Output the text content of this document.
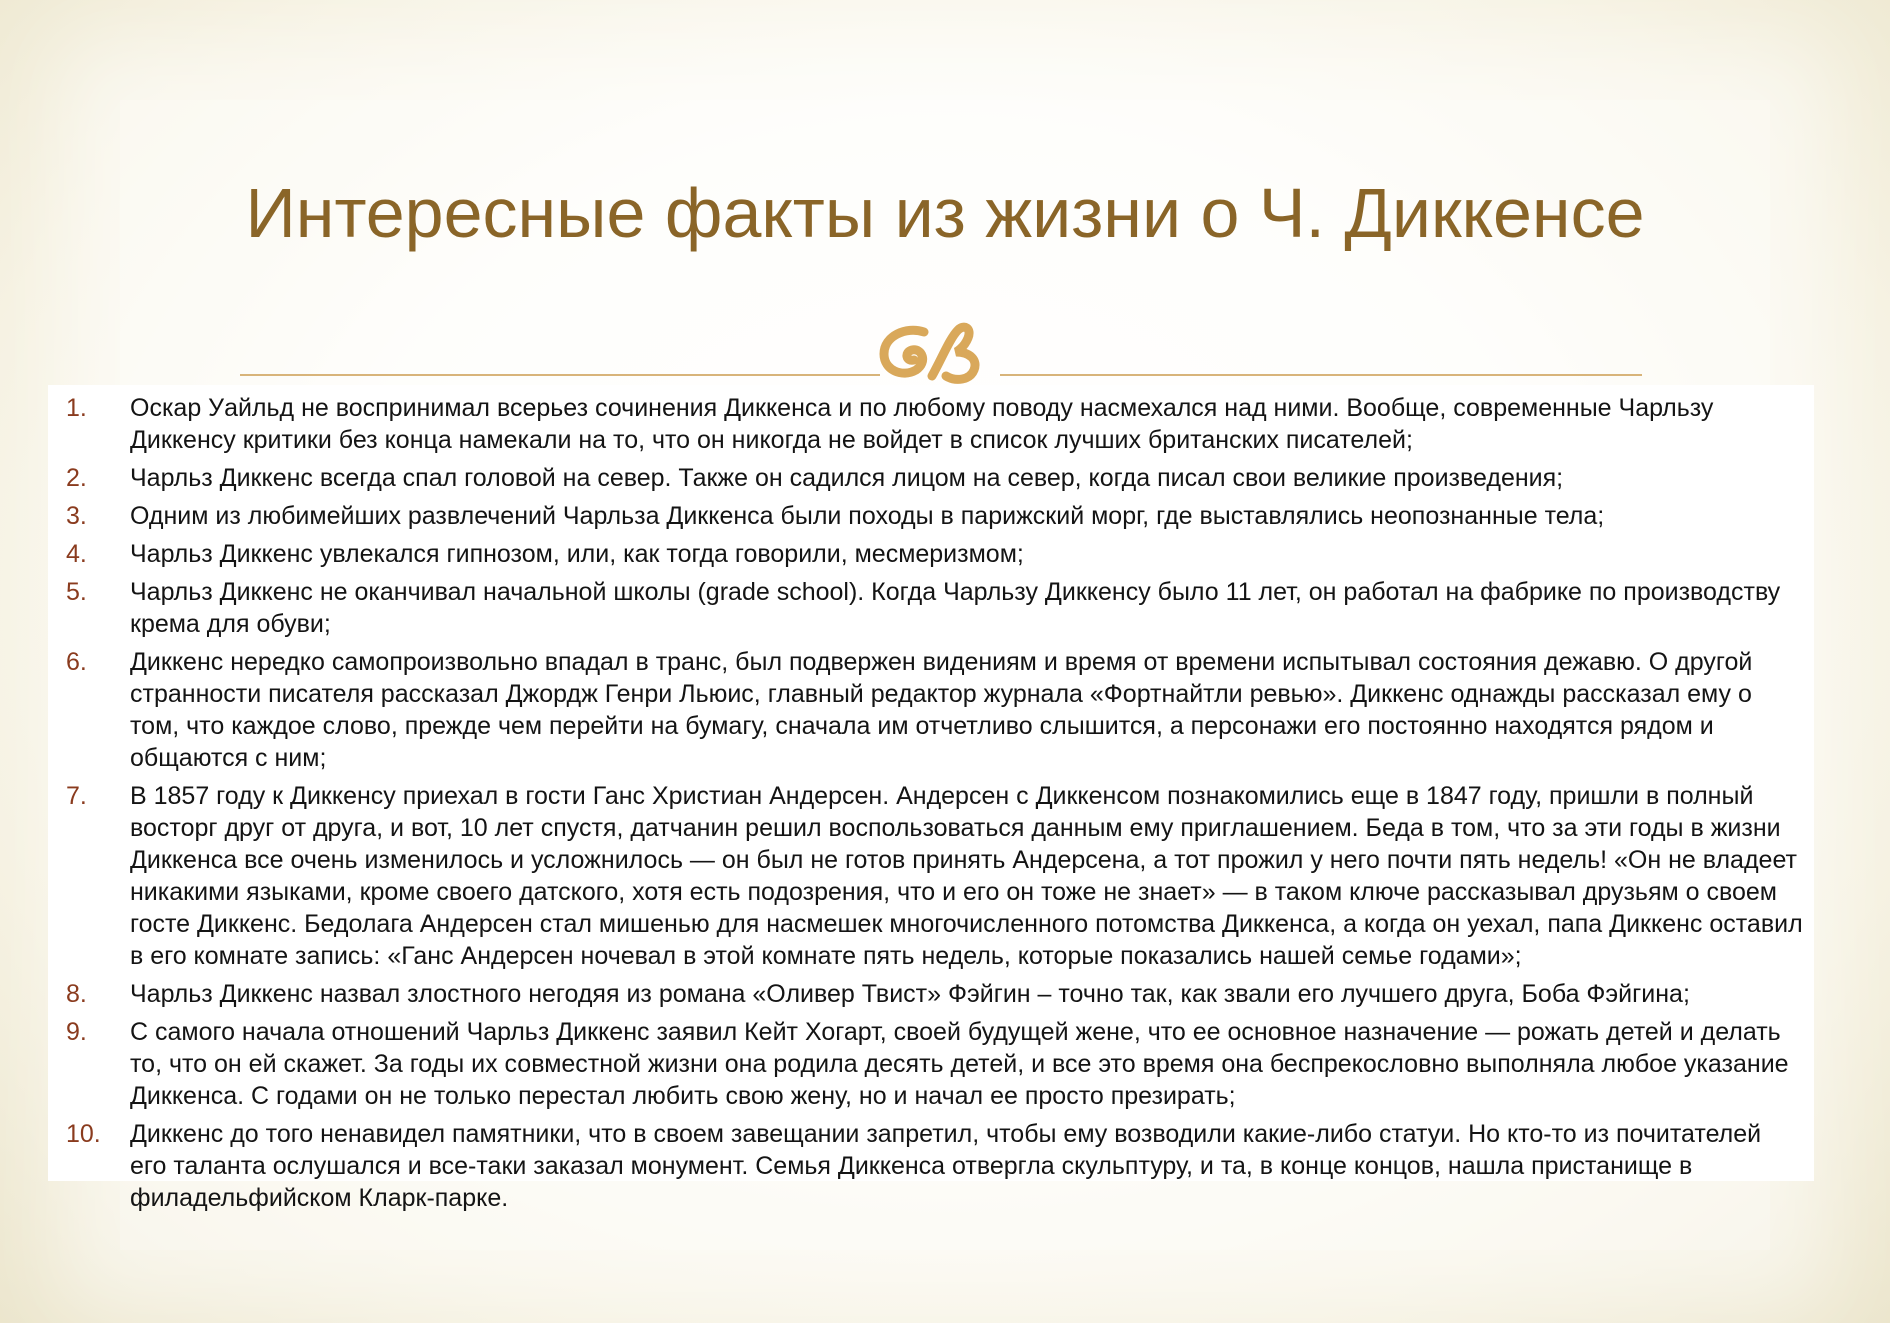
Интересные факты из жизни о Ч. Диккенсе
1. Оскар Уайльд не воспринимал всерьез сочинения Диккенса и по любому поводу насмехался над ними. Вообще, современные Чарльзу Диккенсу критики без конца намекали на то, что он никогда не войдет в список лучших британских писателей;
2. Чарльз Диккенс всегда спал головой на север. Также он садился лицом на север, когда писал свои великие произведения;
3. Одним из любимейших развлечений Чарльза Диккенса были походы в парижский морг, где выставлялись неопознанные тела;
4. Чарльз Диккенс увлекался гипнозом, или, как тогда говорили, месмеризмом;
5. Чарльз Диккенс не оканчивал начальной школы (grade school). Когда Чарльзу Диккенсу было 11 лет, он работал на фабрике по производству крема для обуви;
6. Диккенс нередко самопроизвольно впадал в транс, был подвержен видениям и время от времени испытывал состояния дежавю. О другой странности писателя рассказал Джордж Генри Льюис, главный редактор журнала «Фортнайтли ревью». Диккенс однажды рассказал ему о том, что каждое слово, прежде чем перейти на бумагу, сначала им отчетливо слышится, а персонажи его постоянно находятся рядом и общаются с ним;
7. В 1857 году к Диккенсу приехал в гости Ганс Христиан Андерсен. Андерсен с Диккенсом познакомились еще в 1847 году, пришли в полный восторг друг от друга, и вот, 10 лет спустя, датчанин решил воспользоваться данным ему приглашением. Беда в том, что за эти годы в жизни Диккенса все очень изменилось и усложнилось — он был не готов принять Андерсена, а тот прожил у него почти пять недель! «Он не владеет никакими языками, кроме своего датского, хотя есть подозрения, что и его он тоже не знает» — в таком ключе рассказывал друзьям о своем госте Диккенс. Бедолага Андерсен стал мишенью для насмешек многочисленного потомства Диккенса, а когда он уехал, папа Диккенс оставил в его комнате запись: «Ганс Андерсен ночевал в этой комнате пять недель, которые показались нашей семье годами»;
8. Чарльз Диккенс назвал злостного негодяя из романа «Оливер Твист» Фэйгин – точно так, как звали его лучшего друга, Боба Фэйгина;
9. С самого начала отношений Чарльз Диккенс заявил Кейт Хогарт, своей будущей жене, что ее основное назначение — рожать детей и делать то, что он ей скажет. За годы их совместной жизни она родила десять детей, и все это время она беспрекословно выполняла любое указание Диккенса. С годами он не только перестал любить свою жену, но и начал ее просто презирать;
10. Диккенс до того ненавидел памятники, что в своем завещании запретил, чтобы ему возводили какие-либо статуи. Но кто-то из почитателей его таланта ослушался и все-таки заказал монумент. Семья Диккенса отвергла скульптуру, и та, в конце концов, нашла пристанище в филадельфийском Кларк-парке.
